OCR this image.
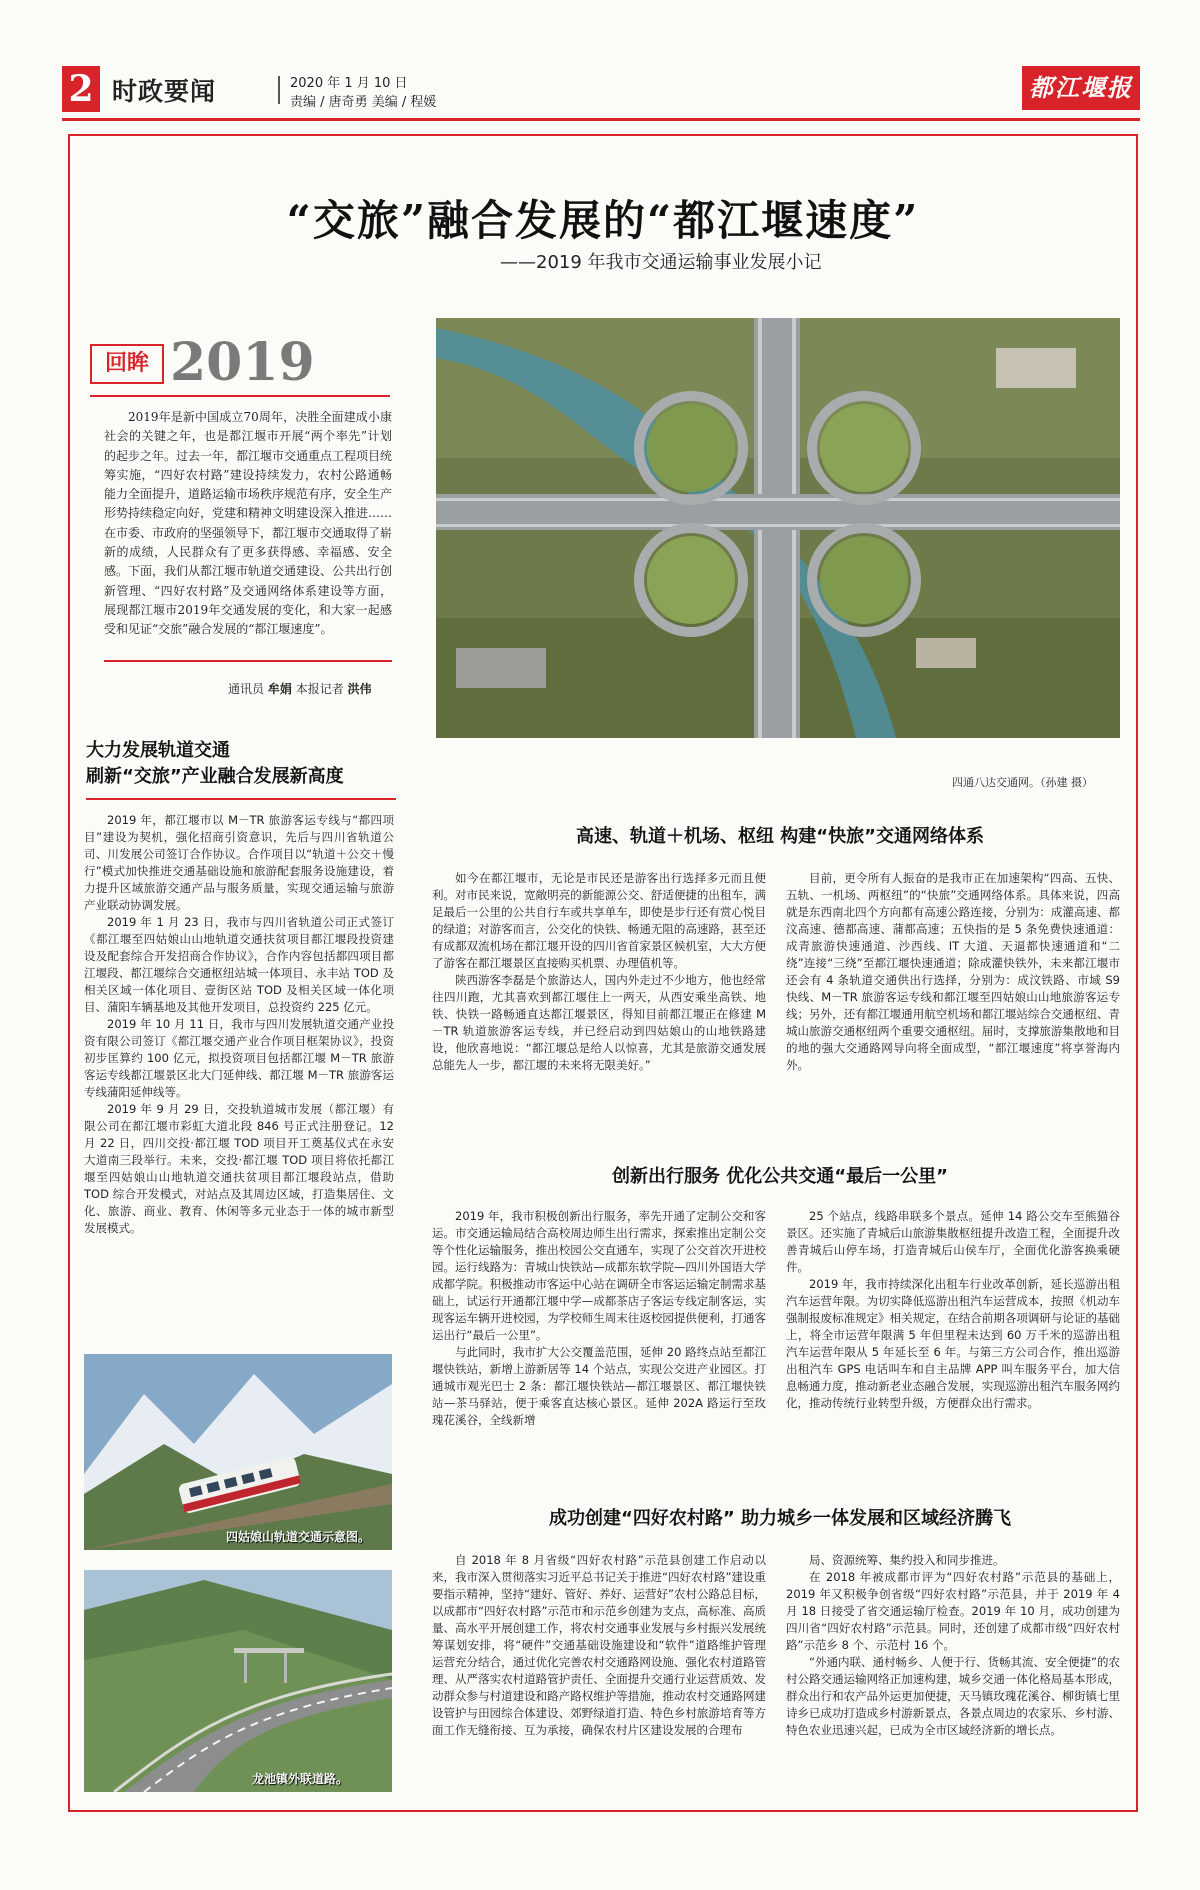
2 时政要闻	2020 年 1 月 10 日
责编 / 唐奇勇 美编 / 程媛
都江堰报
“交旅”融合发展的“都江堰速度”
——2019 年我市交通运输事业发展小记
回眸 2019
2019年是新中国成立70周年，决胜全面建成小康社会的关键之年，也是都江堰市开展“两个率先”计划的起步之年。过去一年，都江堰市交通重点工程项目统筹实施，“四好农村路”建设持续发力，农村公路通畅能力全面提升，道路运输市场秩序规范有序，安全生产形势持续稳定向好，党建和精神文明建设深入推进……在市委、市政府的坚强领导下，都江堰市交通取得了崭新的成绩，人民群众有了更多获得感、幸福感、安全感。下面，我们从都江堰市轨道交通建设、公共出行创新管理、“四好农村路”及交通网络体系建设等方面，展现都江堰市2019年交通发展的变化，和大家一起感受和见证“交旅”融合发展的“都江堰速度”。
通讯员 牟娟 本报记者 洪伟
大力发展轨道交通
刷新“交旅”产业融合发展新高度

2019 年，都江堰市以 M－TR 旅游客运专线与“都四项目”建设为契机，强化招商引资意识，先后与四川省轨道公司、川发展公司签订合作协议。合作项目以“轨道＋公交＋慢行”模式加快推进交通基础设施和旅游配套服务设施建设，着力提升区域旅游交通产品与服务质量，实现交通运输与旅游产业联动协调发展。

2019 年 1 月 23 日，我市与四川省轨道公司正式签订《都江堰至四姑娘山山地轨道交通扶贫项目都江堰段投资建设及配套综合开发招商合作协议》，合作内容包括都四项目都江堰段、都江堰综合交通枢纽站城一体项目、永丰站 TOD 及相关区域一体化项目、壹街区站 TOD 及相关区域一体化项目、蒲阳车辆基地及其他开发项目，总投资约 225 亿元。

2019 年 10 月 11 日，我市与四川发展轨道交通产业投资有限公司签订《都江堰交通产业合作项目框架协议》，投资初步匡算约 100 亿元，拟投资项目包括都江堰 M－TR 旅游客运专线都江堰景区北大门延伸线、都江堰 M－TR 旅游客运专线蒲阳延伸线等。

2019 年 9 月 29 日，交投轨道城市发展（都江堰）有限公司在都江堰市彩虹大道北段 846 号正式注册登记。12 月 22 日，四川交投·都江堰 TOD 项目开工奠基仪式在永安大道南三段举行。未来，交投·都江堰 TOD 项目将依托都江堰至四姑娘山山地轨道交通扶贫项目都江堰段站点，借助 TOD 综合开发模式，对站点及其周边区域，打造集居住、文化、旅游、商业、教育、休闲等多元业态于一体的城市新型发展模式。

四通八达交通网。（孙建 摄）
高速、轨道＋机场、枢纽 构建“快旅”交通网络体系

如今在都江堰市，无论是市民还是游客出行选择多元而且便利。对市民来说，宽敞明亮的新能源公交、舒适便捷的出租车，满足最后一公里的公共自行车或共享单车，即使是步行还有赏心悦目的绿道；对游客而言，公交化的快铁、畅通无阻的高速路，甚至还有成都双流机场在都江堰开设的四川省首家景区候机室，大大方便了游客在都江堰景区直接购买机票、办理值机等。

陕西游客李磊是个旅游达人，国内外走过不少地方，他也经常往四川跑，尤其喜欢到都江堰住上一两天，从西安乘坐高铁、地铁、快铁一路畅通直达都江堰景区，得知目前都江堰正在修建 M－TR 轨道旅游客运专线，并已经启动到四姑娘山的山地铁路建设，他欣喜地说：“都江堰总是给人以惊喜，尤其是旅游交通发展总能先人一步，都江堰的未来将无限美好。”

目前，更令所有人振奋的是我市正在加速架构“四高、五快、五轨、一机场、两枢纽”的“快旅”交通网络体系。具体来说，四高就是东西南北四个方向都有高速公路连接，分别为：成灌高速、都汶高速、德都高速、蒲都高速；五快指的是 5 条免费快速通道：成青旅游快速通道、沙西线、IT 大道、天逼都快速通道和“二绕”连接“三绕”至都江堰快速通道；除成灌快铁外，未来都江堰市还会有 4 条轨道交通供出行选择，分别为：成汶铁路、市域 S9 快线、M－TR 旅游客运专线和都江堰至四姑娘山山地旅游客运专线；另外，还有都江堰通用航空机场和都江堰站综合交通枢纽、青城山旅游交通枢纽两个重要交通枢纽。届时，支撑旅游集散地和目的地的强大交通路网导向将全面成型，“都江堰速度”将享誉海内外。

创新出行服务 优化公共交通“最后一公里”

2019 年，我市积极创新出行服务，率先开通了定制公交和客运。市交通运输局结合高校周边师生出行需求，探索推出定制公交等个性化运输服务，推出校园公交直通车，实现了公交首次开进校园。运行线路为：青城山快铁站—成都东软学院—四川外国语大学成都学院。积极推动市客运中心站在调研全市客运运输定制需求基础上，试运行开通都江堰中学—成都茶店子客运专线定制客运，实现客运车辆开进校园，为学校师生周末往返校园提供便利，打通客运出行“最后一公里”。

与此同时，我市扩大公交覆盖范围，延伸 20 路终点站至都江堰快铁站，新增上游新居等 14 个站点，实现公交进产业园区。打通城市观光巴士 2 条：都江堰快铁站—都江堰景区、都江堰快铁站—茶马驿站，便于乘客直达核心景区。延伸 202A 路运行至玫瑰花溪谷，全线新增

25 个站点，线路串联多个景点。延伸 14 路公交车至熊猫谷景区。还实施了青城后山旅游集散枢纽提升改造工程，全面提升改善青城后山停车场，打造青城后山侯车厅，全面优化游客换乘硬件。

2019 年，我市持续深化出租车行业改革创新，延长巡游出租汽车运营年限。为切实降低巡游出租汽车运营成本，按照《机动车强制报废标准规定》相关规定，在结合前期各项调研与论证的基础上，将全市运营年限满 5 年但里程未达到 60 万千米的巡游出租汽车运营年限从 5 年延长至 6 年。与第三方公司合作，推出巡游出租汽车 GPS 电话叫车和自主品牌 APP 叫车服务平台，加大信息畅通力度，推动新老业态融合发展，实现巡游出租汽车服务网约化，推动传统行业转型升级，方便群众出行需求。

四姑娘山轨道交通示意图。
成功创建“四好农村路” 助力城乡一体发展和区域经济腾飞

自 2018 年 8 月省级“四好农村路”示范县创建工作启动以来，我市深入贯彻落实习近平总书记关于推进“四好农村路”建设重要指示精神，坚持“建好、管好、养好、运营好”农村公路总目标，以成都市“四好农村路”示范市和示范乡创建为支点，高标准、高质量、高水平开展创建工作，将农村交通事业发展与乡村振兴发展统筹谋划安排，将“硬件”交通基础设施建设和“软件”道路维护管理运营充分结合，通过优化完善农村交通路网设施、强化农村道路管理、从严落实农村道路管护责任、全面提升交通行业运营质效、发动群众参与村道建设和路产路权维护等措施，推动农村交通路网建设管护与田园综合体建设、郊野绿道打造、特色乡村旅游培育等方面工作无缝衔接、互为承接，确保农村片区建设发展的合理布

局、资源统筹、集约投入和同步推进。

在 2018 年被成都市评为“四好农村路”示范县的基础上，2019 年又积极争创省级“四好农村路”示范县，并于 2019 年 4 月 18 日接受了省交通运输厅检查。2019 年 10 月，成功创建为四川省“四好农村路”示范县。同时，还创建了成都市级“四好农村路”示范乡 8 个、示范村 16 个。

“外通内联、通村畅乡、人便于行、货畅其流、安全便捷”的农村公路交通运输网络正加速构建，城乡交通一体化格局基本形成，群众出行和农产品外运更加便捷，天马镇玫瑰花溪谷、柳街镇七里诗乡已成功打造成乡村游新景点，各景点周边的农家乐、乡村游、特色农业迅速兴起，已成为全市区域经济新的增长点。

龙池镇外联道路。
